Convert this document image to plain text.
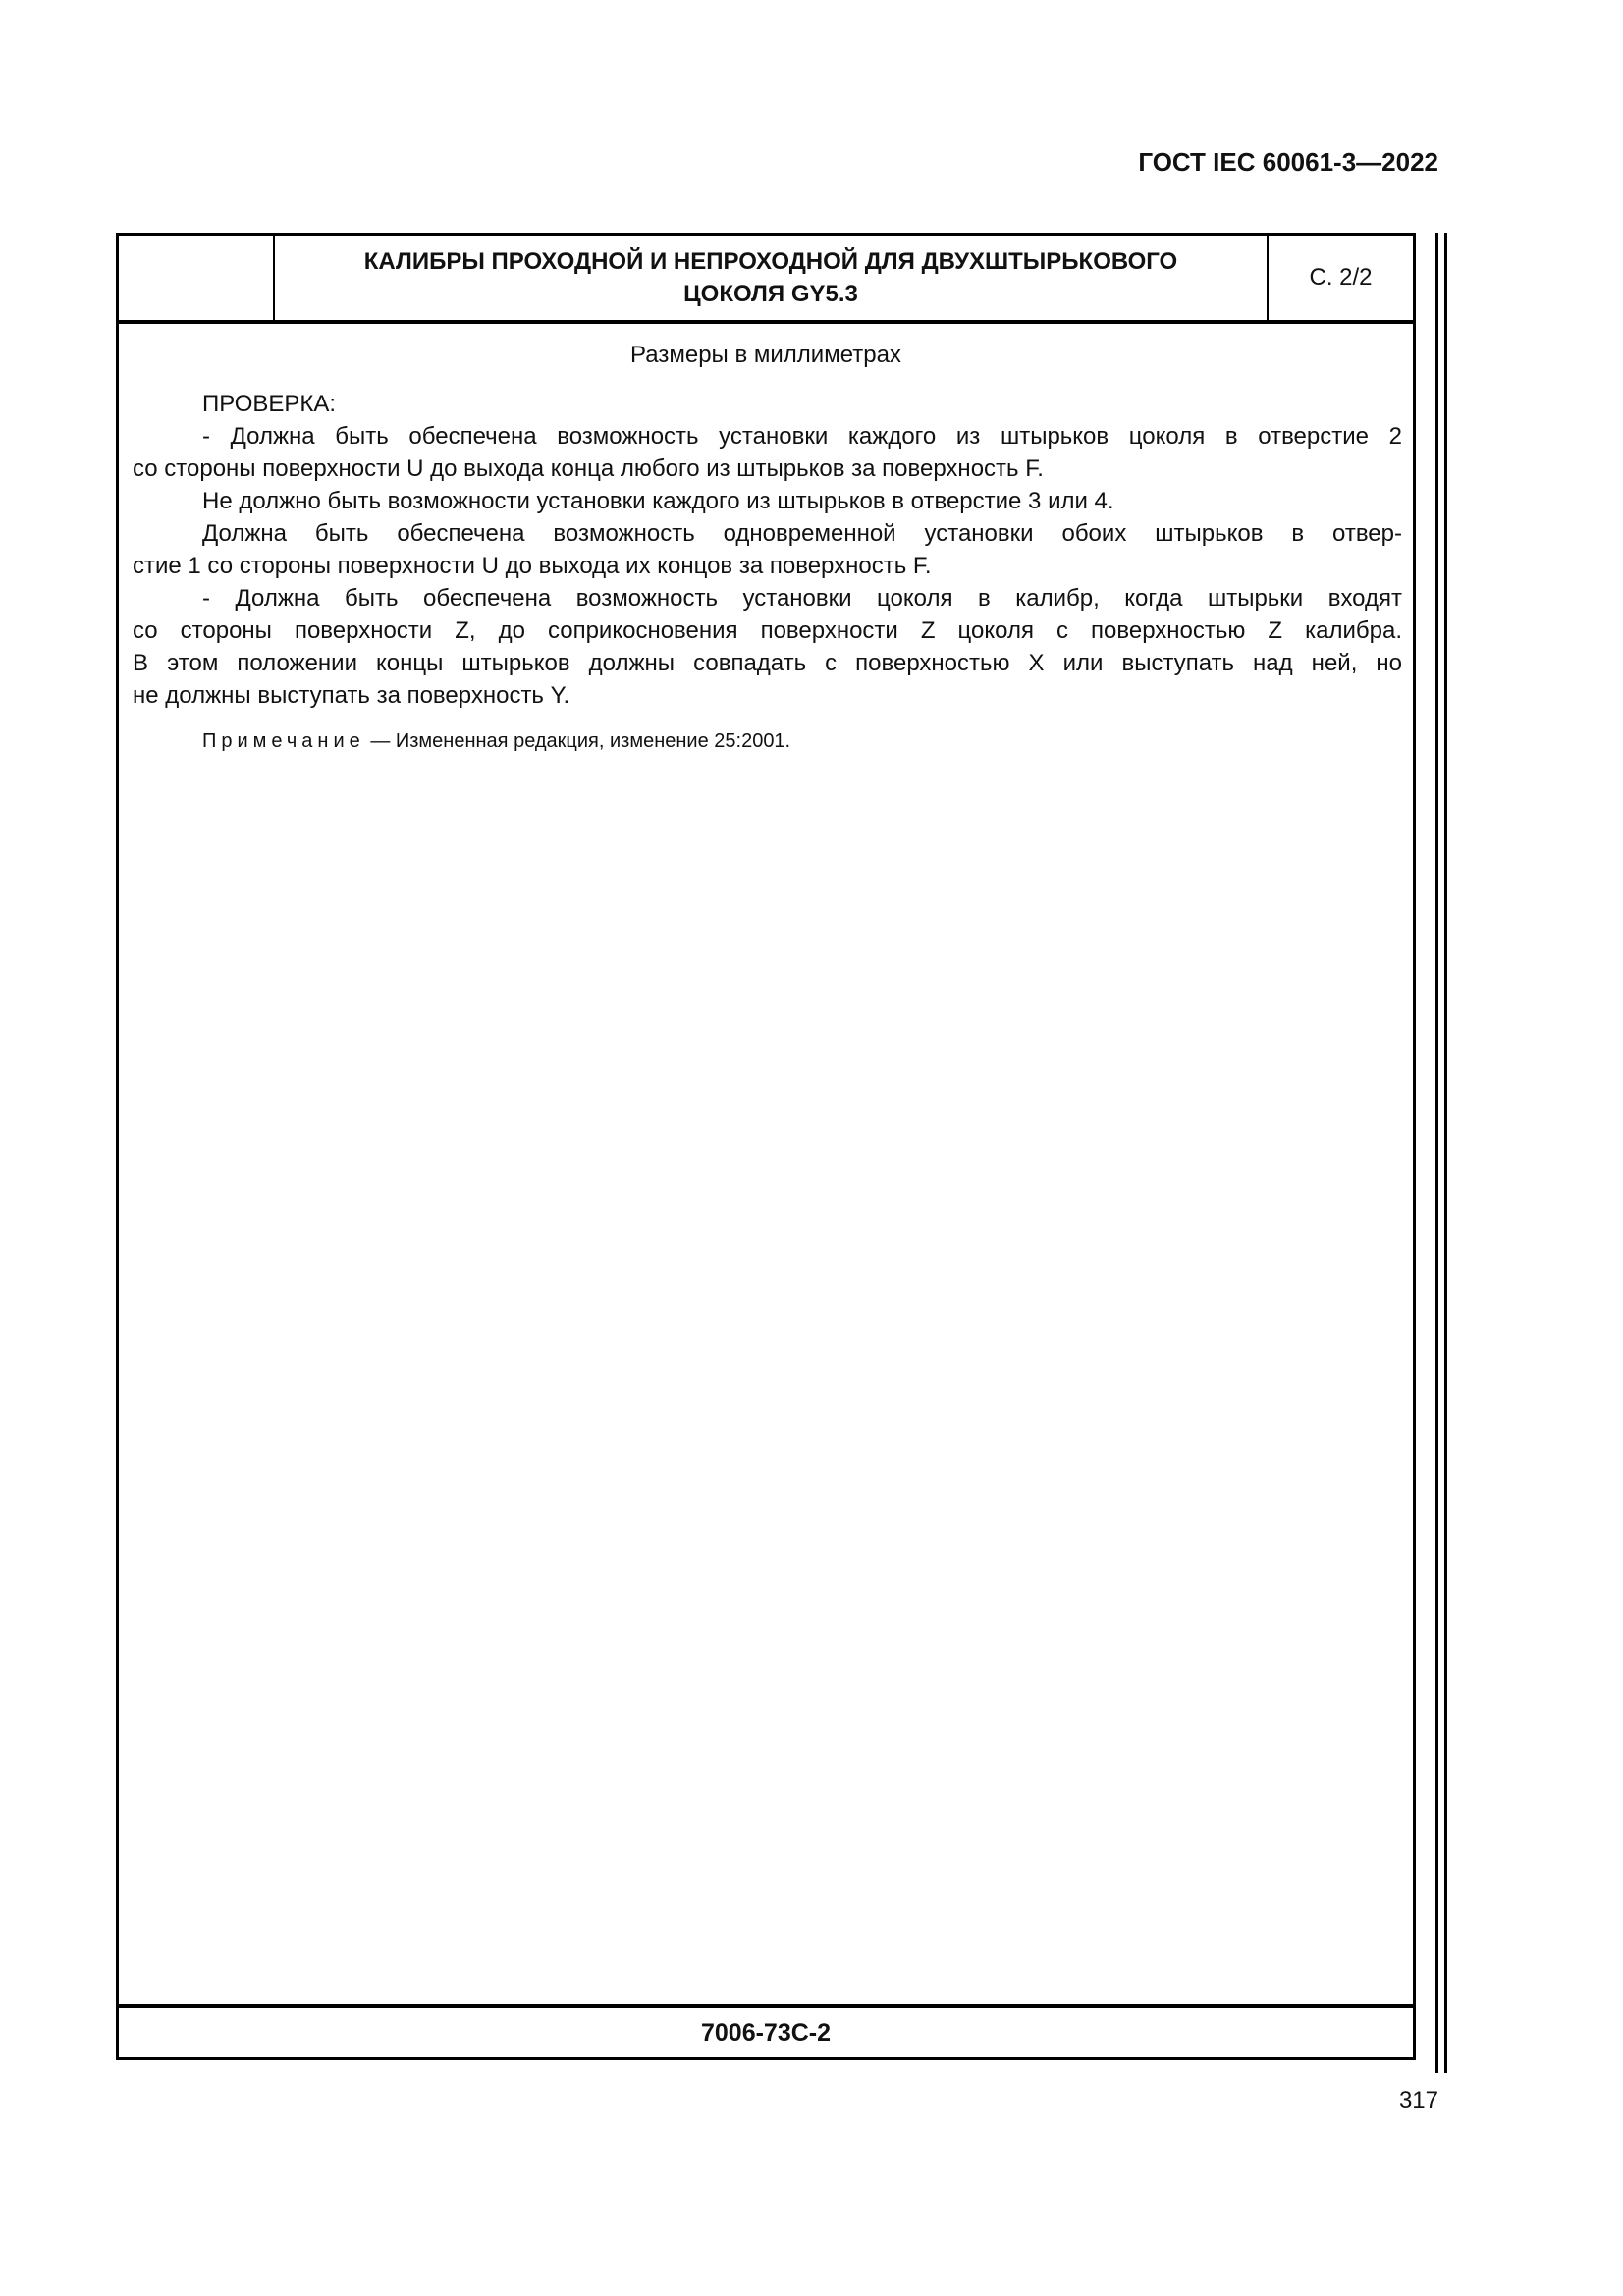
ГОСТ IEC 60061-3—2022
КАЛИБРЫ ПРОХОДНОЙ И НЕПРОХОДНОЙ ДЛЯ ДВУХШТЫРЬКОВОГО
ЦОКОЛЯ GY5.3
С. 2/2
Размеры в миллиметрах
ПРОВЕРКА:
- Должна быть обеспечена возможность установки каждого из штырьков цоколя в отверстие 2
со стороны поверхности U до выхода конца любого из штырьков за поверхность F.
Не должно быть возможности установки каждого из штырьков в отверстие 3 или 4.
Должна быть обеспечена возможность одновременной установки обоих штырьков в отвер-
стие 1 со стороны поверхности U до выхода их концов за поверхность F.
- Должна быть обеспечена возможность установки цоколя в калибр, когда штырьки входят
со стороны поверхности Z, до соприкосновения поверхности Z цоколя с поверхностью Z калибра.
В этом положении концы штырьков должны совпадать с поверхностью X или выступать над ней, но
не должны выступать за поверхность Y.
Примечание — Измененная редакция, изменение 25:2001.
7006-73C-2
317
